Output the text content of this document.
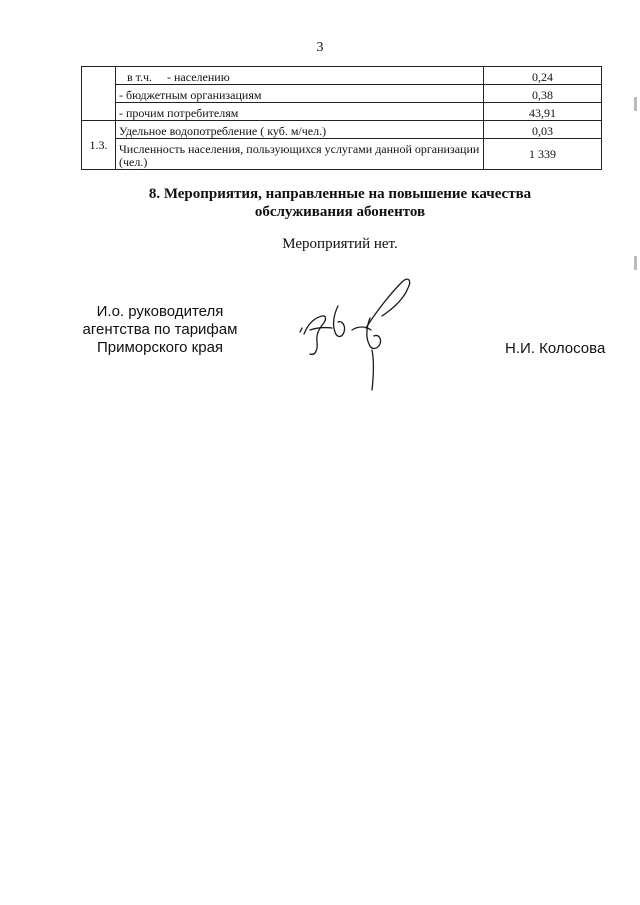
3
	в т.ч. - населению	0,24
	- бюджетным организациям	0,38
	- прочим потребителям	43,91
1.3.	Удельное водопотребление ( куб. м/чел.)	0,03
	Численность населения, пользующихся услугами данной организации (чел.)	1 339
8. Мероприятия, направленные на повышение качества
обслуживания абонентов
Мероприятий нет.
И.о. руководителя
агентства по тарифам
Приморского края	Н.И. Колосова
